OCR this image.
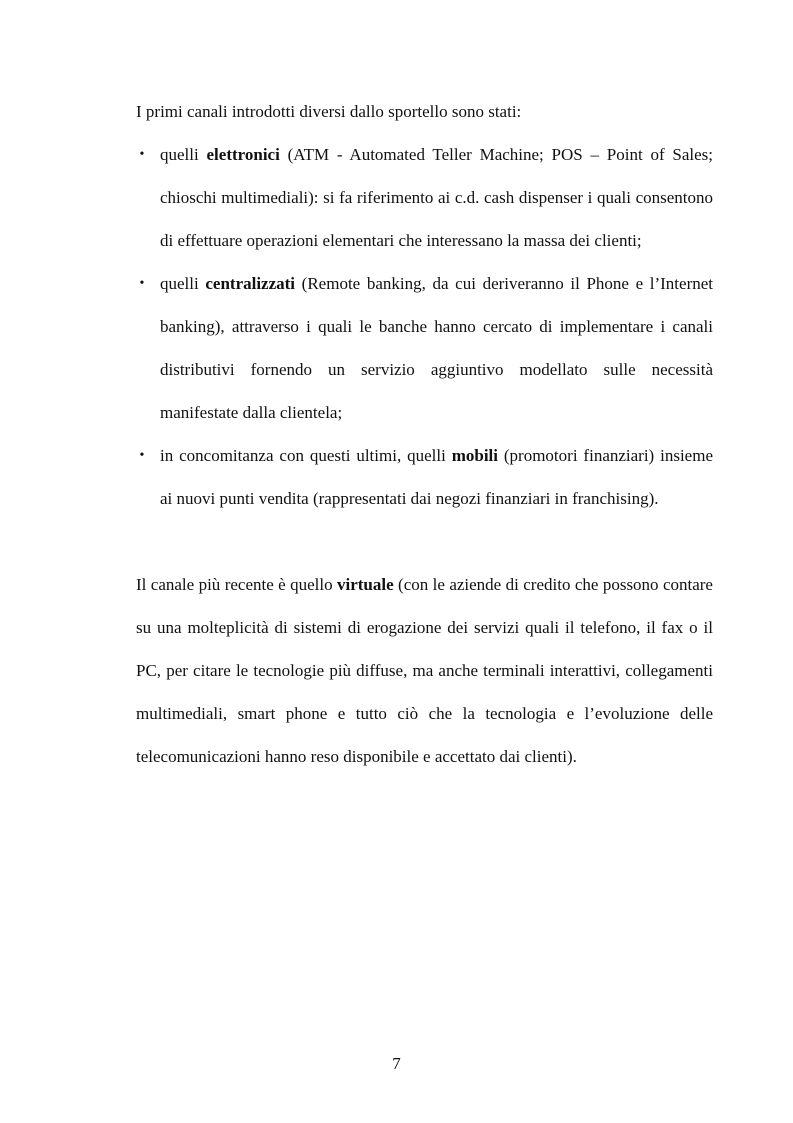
I primi canali introdotti diversi dallo sportello sono stati:

• quelli elettronici (ATM - Automated Teller Machine; POS – Point of Sales; chioschi multimediali): si fa riferimento ai c.d. cash dispenser i quali consentono di effettuare operazioni elementari che interessano la massa dei clienti;
• quelli centralizzati (Remote banking, da cui deriveranno il Phone e l’Internet banking), attraverso i quali le banche hanno cercato di implementare i canali distributivi fornendo un servizio aggiuntivo modellato sulle necessità manifestate dalla clientela;
• in concomitanza con questi ultimi, quelli mobili (promotori finanziari) insieme ai nuovi punti vendita (rappresentati dai negozi finanziari in franchising).

Il canale più recente è quello virtuale (con le aziende di credito che possono contare su una molteplicità di sistemi di erogazione dei servizi quali il telefono, il fax o il PC, per citare le tecnologie più diffuse, ma anche terminali interattivi, collegamenti multimediali, smart phone e tutto ciò che la tecnologia e l’evoluzione delle telecomunicazioni hanno reso disponibile e accettato dai clienti).

7
